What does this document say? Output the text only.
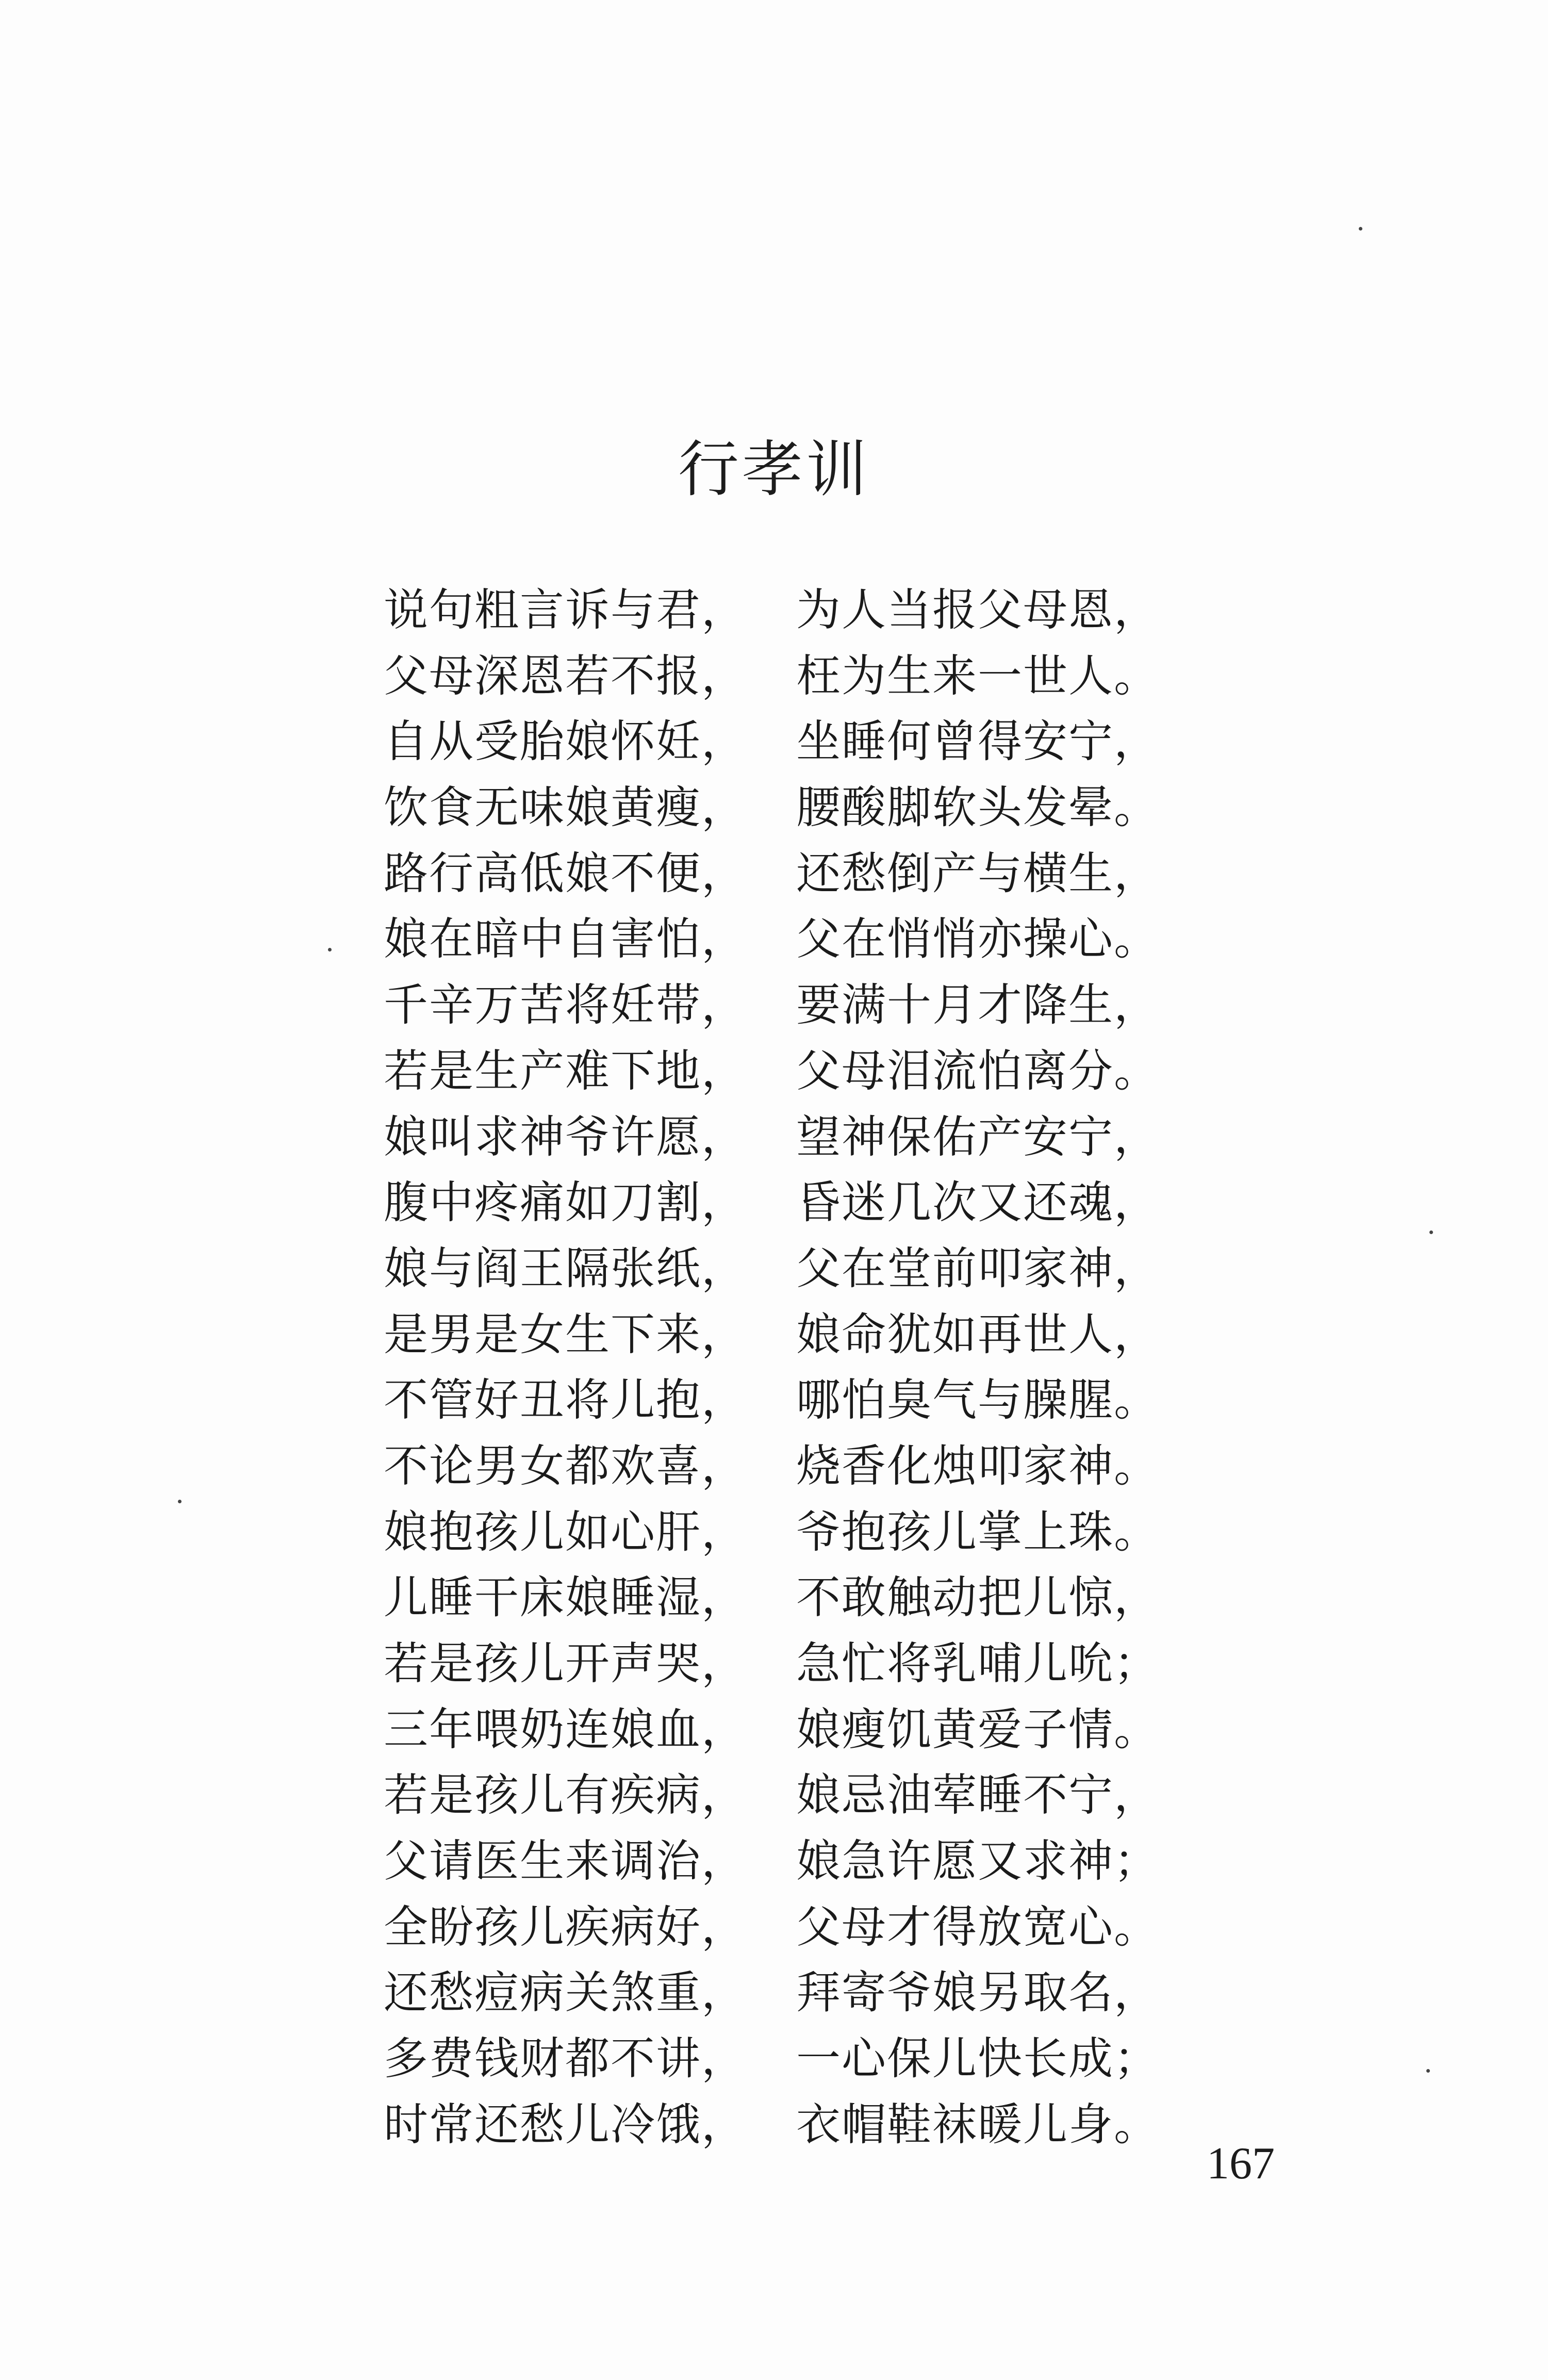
行孝训
说句粗言诉与君， 为人当报父母恩，
父母深恩若不报， 枉为生来一世人。
自从受胎娘怀妊， 坐睡何曾得安宁，
饮食无味娘黄瘦， 腰酸脚软头发晕。
路行高低娘不便， 还愁倒产与横生，
娘在暗中自害怕， 父在悄悄亦操心。
千辛万苦将妊带， 要满十月才降生，
若是生产难下地， 父母泪流怕离分。
娘叫求神爷许愿， 望神保佑产安宁，
腹中疼痛如刀割， 昏迷几次又还魂，
娘与阎王隔张纸， 父在堂前叩家神，
是男是女生下来， 娘命犹如再世人，
不管好丑将儿抱， 哪怕臭气与臊腥。
不论男女都欢喜， 烧香化烛叩家神。
娘抱孩儿如心肝， 爷抱孩儿掌上珠。
儿睡干床娘睡湿， 不敢触动把儿惊，
若是孩儿开声哭， 急忙将乳哺儿吮；
三年喂奶连娘血， 娘瘦饥黄爱子情。
若是孩儿有疾病， 娘忌油荤睡不宁，
父请医生来调治， 娘急许愿又求神；
全盼孩儿疾病好， 父母才得放宽心。
还愁痘病关煞重， 拜寄爷娘另取名，
多费钱财都不讲， 一心保儿快长成；
时常还愁儿冷饿， 衣帽鞋袜暖儿身。
167
